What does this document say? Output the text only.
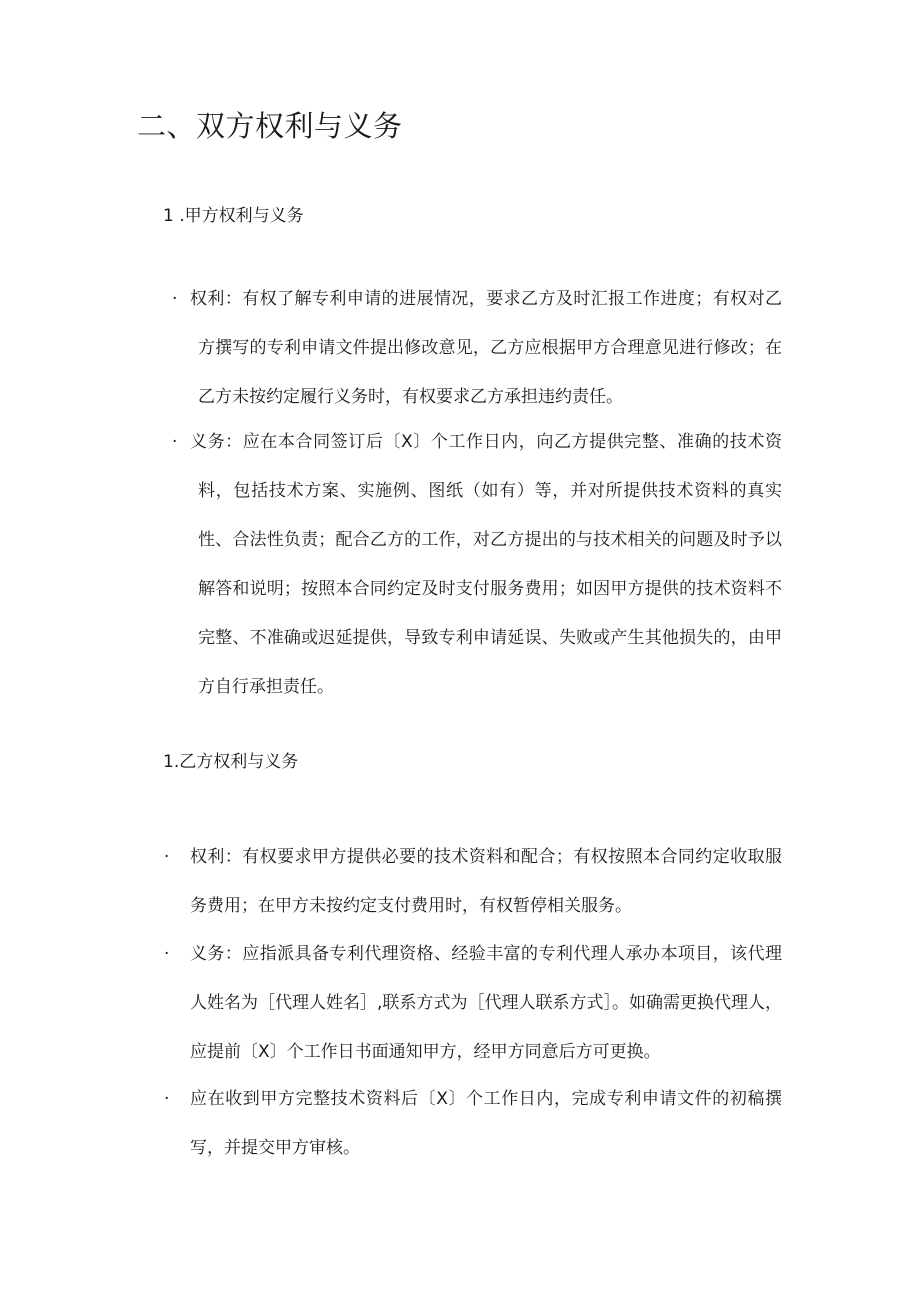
二、双方权利与义务
1 .甲方权利与义务
· 权利：有权了解专利申请的进展情况，要求乙方及时汇报工作进度；有权对乙方撰写的专利申请文件提出修改意见，乙方应根据甲方合理意见进行修改；在乙方未按约定履行义务时，有权要求乙方承担违约责任。

· 义务：应在本合同签订后〔X〕个工作日内，向乙方提供完整、准确的技术资料，包括技术方案、实施例、图纸（如有）等，并对所提供技术资料的真实性、合法性负责；配合乙方的工作，对乙方提出的与技术相关的问题及时予以解答和说明；按照本合同约定及时支付服务费用；如因甲方提供的技术资料不完整、不准确或迟延提供，导致专利申请延误、失败或产生其他损失的，由甲方自行承担责任。

1.乙方权利与义务
· 权利：有权要求甲方提供必要的技术资料和配合；有权按照本合同约定收取服务费用；在甲方未按约定支付费用时，有权暂停相关服务。

· 义务：应指派具备专利代理资格、经验丰富的专利代理人承办本项目，该代理人姓名为［代理人姓名］,联系方式为［代理人联系方式］。如确需更换代理人，应提前〔X〕个工作日书面通知甲方，经甲方同意后方可更换。

· 应在收到甲方完整技术资料后〔X〕个工作日内，完成专利申请文件的初稿撰写，并提交甲方审核。
